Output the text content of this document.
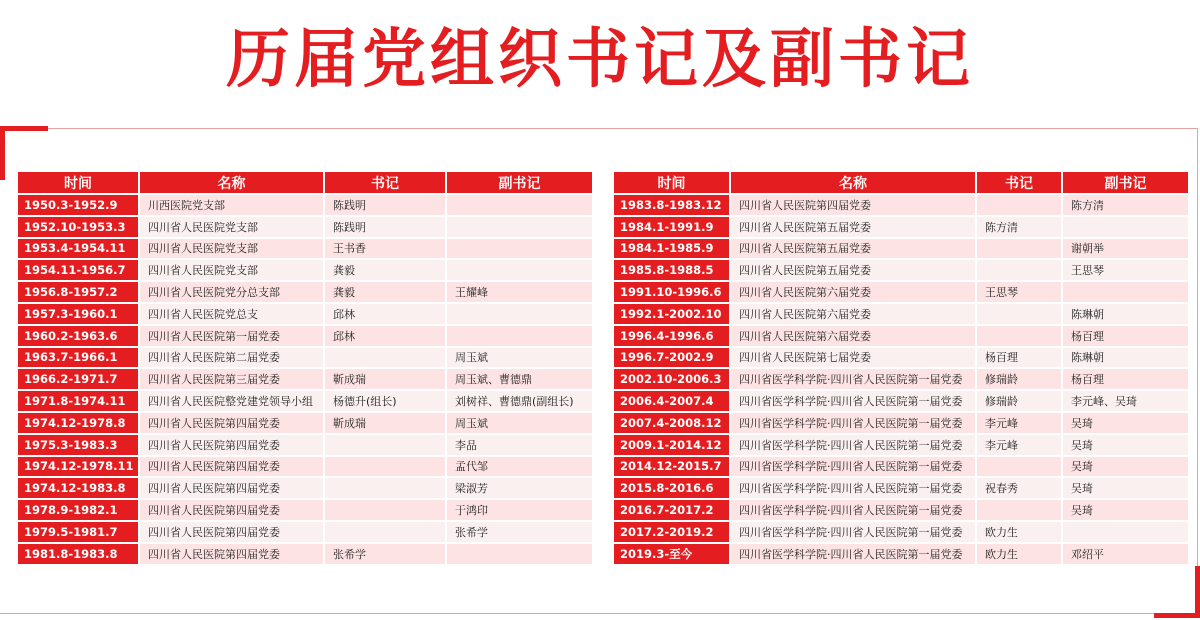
历届党组织书记及副书记
时间	名称	书记	副书记
1950.3-1952.9	川西医院党支部	陈践明	
1952.10-1953.3	四川省人民医院党支部	陈践明	
1953.4-1954.11	四川省人民医院党支部	王书香	
1954.11-1956.7	四川省人民医院党支部	龚毅	
1956.8-1957.2	四川省人民医院党分总支部	龚毅	王耀峰
1957.3-1960.1	四川省人民医院党总支	邱林	
1960.2-1963.6	四川省人民医院第一届党委	邱林	
1963.7-1966.1	四川省人民医院第二届党委		周玉斌
1966.2-1971.7	四川省人民医院第三届党委	靳成瑞	周玉斌、曹德鼎
1971.8-1974.11	四川省人民医院整党建党领导小组	杨德升(组长)	刘树祥、曹德鼎(副组长)
1974.12-1978.8	四川省人民医院第四届党委	靳成瑞	周玉斌
1975.3-1983.3	四川省人民医院第四届党委		李品
1974.12-1978.11	四川省人民医院第四届党委		孟代邹
1974.12-1983.8	四川省人民医院第四届党委		梁淑芳
1978.9-1982.1	四川省人民医院第四届党委		于鸿印
1979.5-1981.7	四川省人民医院第四届党委		张希学
1981.8-1983.8	四川省人民医院第四届党委	张希学	
时间	名称	书记	副书记
1983.8-1983.12	四川省人民医院第四届党委		陈方清
1984.1-1991.9	四川省人民医院第五届党委	陈方清	
1984.1-1985.9	四川省人民医院第五届党委		谢朝举
1985.8-1988.5	四川省人民医院第五届党委		王思琴
1991.10-1996.6	四川省人民医院第六届党委	王思琴	
1992.1-2002.10	四川省人民医院第六届党委		陈琳朝
1996.4-1996.6	四川省人民医院第六届党委		杨百理
1996.7-2002.9	四川省人民医院第七届党委	杨百理	陈琳朝
2002.10-2006.3	四川省医学科学院·四川省人民医院第一届党委	修瑞龄	杨百理
2006.4-2007.4	四川省医学科学院·四川省人民医院第一届党委	修瑞龄	李元峰、吴琦
2007.4-2008.12	四川省医学科学院·四川省人民医院第一届党委	李元峰	吴琦
2009.1-2014.12	四川省医学科学院·四川省人民医院第一届党委	李元峰	吴琦
2014.12-2015.7	四川省医学科学院·四川省人民医院第一届党委		吴琦
2015.8-2016.6	四川省医学科学院·四川省人民医院第一届党委	祝春秀	吴琦
2016.7-2017.2	四川省医学科学院·四川省人民医院第一届党委		吴琦
2017.2-2019.2	四川省医学科学院·四川省人民医院第一届党委	欧力生	
2019.3-至今	四川省医学科学院·四川省人民医院第一届党委	欧力生	邓绍平
